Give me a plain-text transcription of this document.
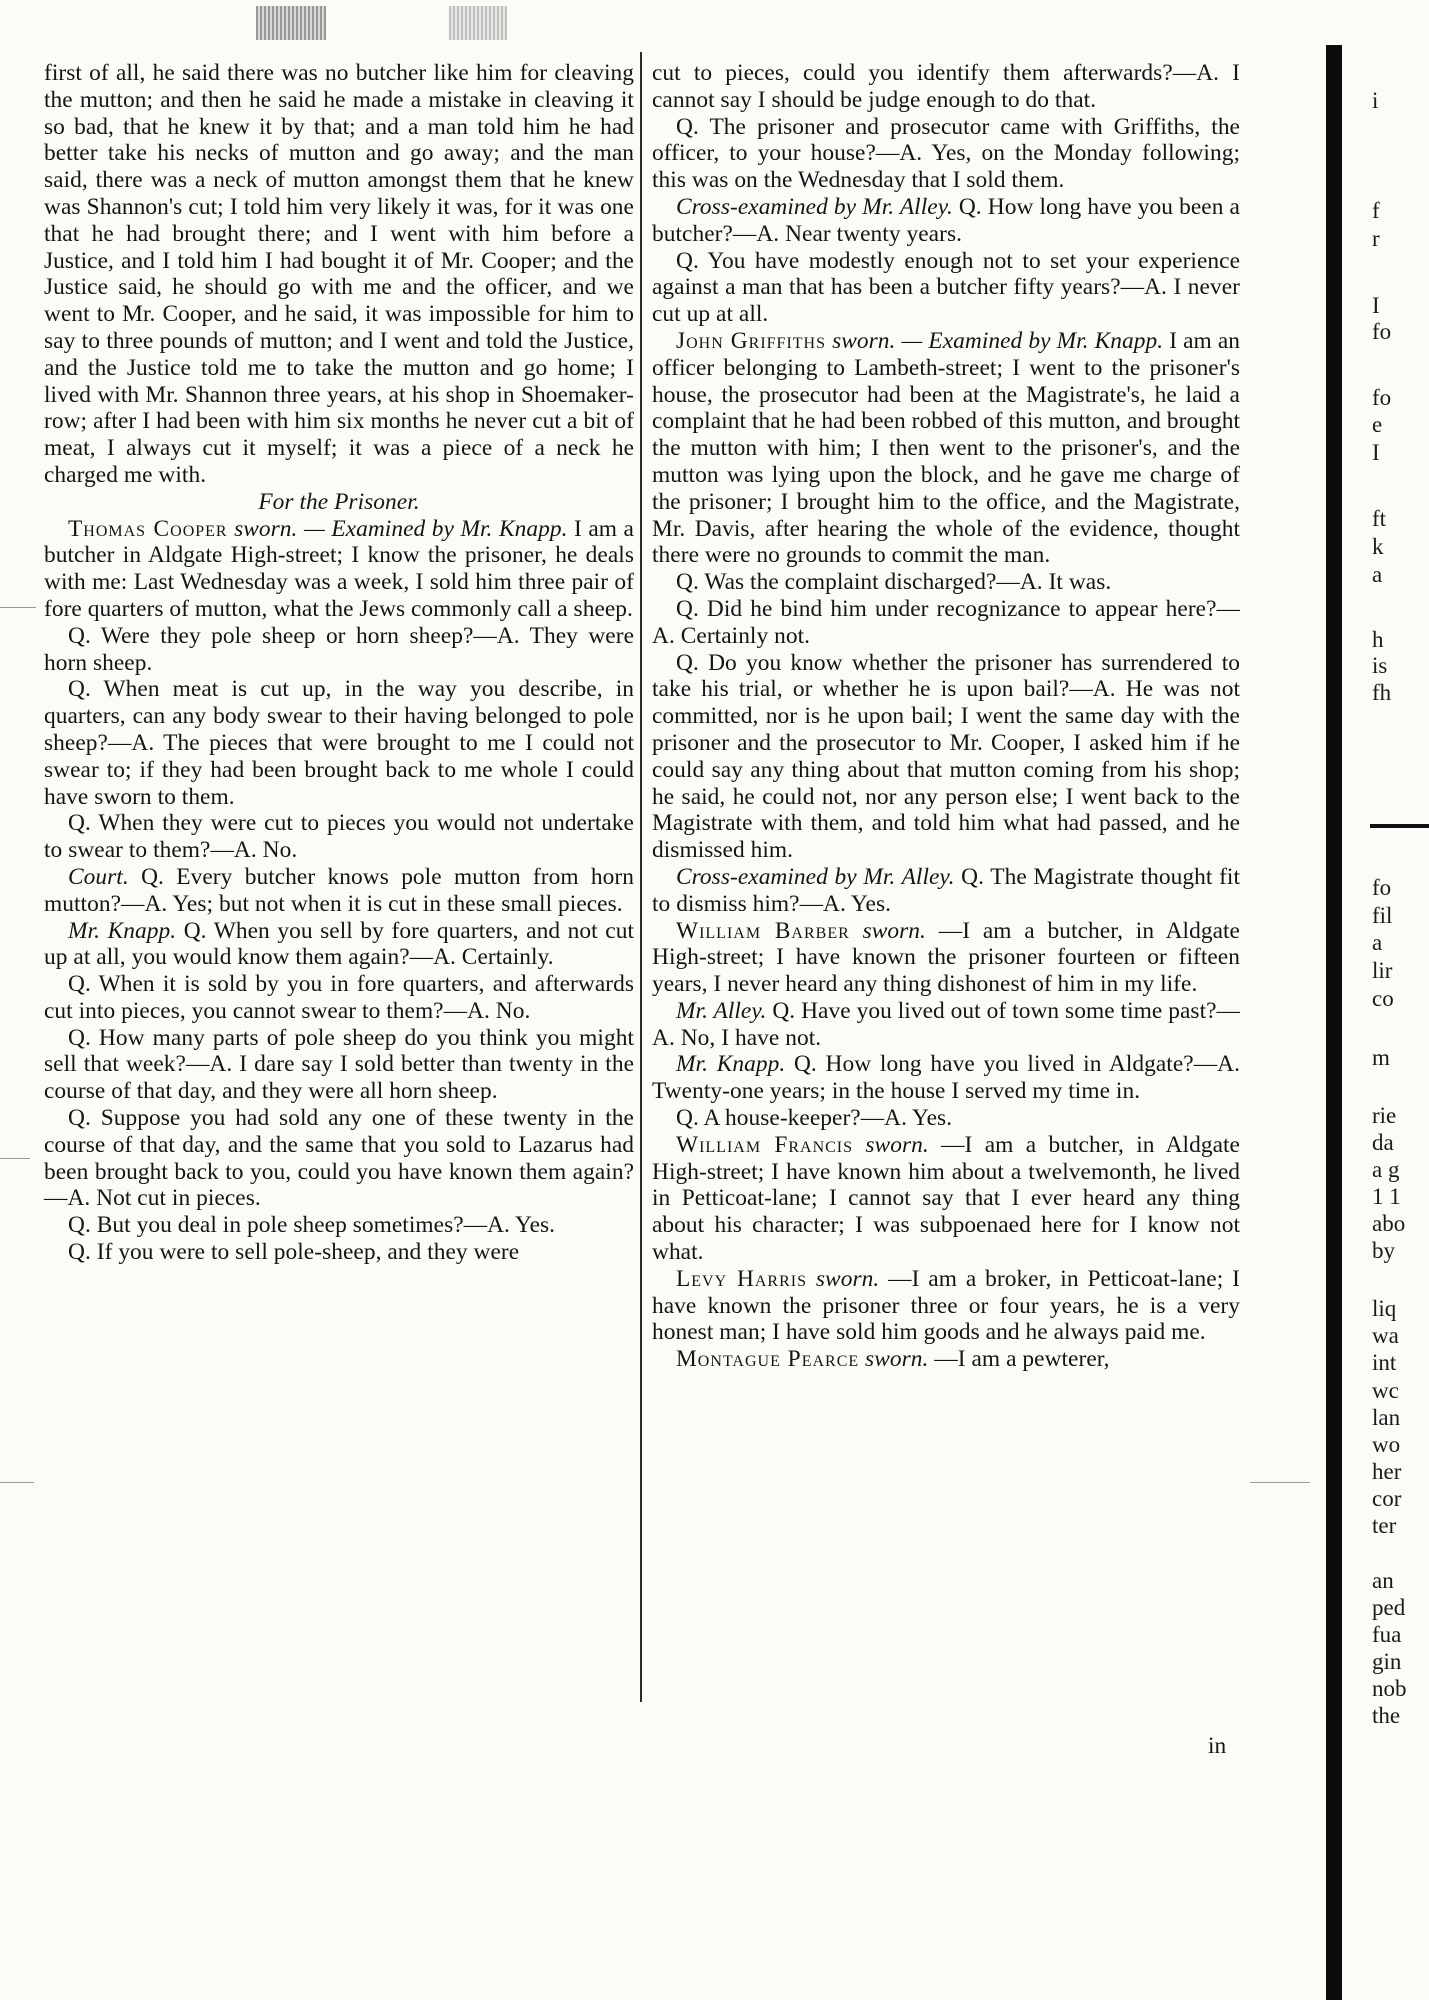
first of all, he said there was no butcher like him for cleaving the mutton; and then he said he made a mistake in cleaving it so bad, that he knew it by that; and a man told him he had better take his necks of mutton and go away; and the man said, there was a neck of mutton amongst them that he knew was Shannon's cut; I told him very likely it was, for it was one that he had brought there; and I went with him before a Justice, and I told him I had bought it of Mr. Cooper; and the Justice said, he should go with me and the officer, and we went to Mr. Cooper, and he said, it was impossible for him to say to three pounds of mutton; and I went and told the Justice, and the Justice told me to take the mutton and go home; I lived with Mr. Shannon three years, at his shop in Shoemaker-row; after I had been with him six months he never cut a bit of meat, I always cut it myself; it was a piece of a neck he charged me with.

For the Prisoner.

Thomas Cooper sworn. — Examined by Mr. Knapp. I am a butcher in Aldgate High-street; I know the prisoner, he deals with me: Last Wednesday was a week, I sold him three pair of fore quarters of mutton, what the Jews commonly call a sheep.

Q. Were they pole sheep or horn sheep?—A. They were horn sheep.

Q. When meat is cut up, in the way you describe, in quarters, can any body swear to their having belonged to pole sheep?—A. The pieces that were brought to me I could not swear to; if they had been brought back to me whole I could have sworn to them.

Q. When they were cut to pieces you would not undertake to swear to them?—A. No.

Court. Q. Every butcher knows pole mutton from horn mutton?—A. Yes; but not when it is cut in these small pieces.

Mr. Knapp. Q. When you sell by fore quarters, and not cut up at all, you would know them again?—A. Certainly.

Q. When it is sold by you in fore quarters, and afterwards cut into pieces, you cannot swear to them?—A. No.

Q. How many parts of pole sheep do you think you might sell that week?—A. I dare say I sold better than twenty in the course of that day, and they were all horn sheep.

Q. Suppose you had sold any one of these twenty in the course of that day, and the same that you sold to Lazarus had been brought back to you, could you have known them again?—A. Not cut in pieces.

Q. But you deal in pole sheep sometimes?—A. Yes.

Q. If you were to sell pole-sheep, and they were

cut to pieces, could you identify them afterwards?—A. I cannot say I should be judge enough to do that.

Q. The prisoner and prosecutor came with Griffiths, the officer, to your house?—A. Yes, on the Monday following; this was on the Wednesday that I sold them.

Cross-examined by Mr. Alley. Q. How long have you been a butcher?—A. Near twenty years.

Q. You have modestly enough not to set your experience against a man that has been a butcher fifty years?—A. I never cut up at all.

John Griffiths sworn. — Examined by Mr. Knapp. I am an officer belonging to Lambeth-street; I went to the prisoner's house, the prosecutor had been at the Magistrate's, he laid a complaint that he had been robbed of this mutton, and brought the mutton with him; I then went to the prisoner's, and the mutton was lying upon the block, and he gave me charge of the prisoner; I brought him to the office, and the Magistrate, Mr. Davis, after hearing the whole of the evidence, thought there were no grounds to commit the man.

Q. Was the complaint discharged?—A. It was.

Q. Did he bind him under recognizance to appear here?—A. Certainly not.

Q. Do you know whether the prisoner has surrendered to take his trial, or whether he is upon bail?—A. He was not committed, nor is he upon bail; I went the same day with the prisoner and the prosecutor to Mr. Cooper, I asked him if he could say any thing about that mutton coming from his shop; he said, he could not, nor any person else; I went back to the Magistrate with them, and told him what had passed, and he dismissed him.

Cross-examined by Mr. Alley. Q. The Magistrate thought fit to dismiss him?—A. Yes.

William Barber sworn. —I am a butcher, in Aldgate High-street; I have known the prisoner fourteen or fifteen years, I never heard any thing dishonest of him in my life.

Mr. Alley. Q. Have you lived out of town some time past?—A. No, I have not.

Mr. Knapp. Q. How long have you lived in Aldgate?—A. Twenty-one years; in the house I served my time in.

Q. A house-keeper?—A. Yes.

William Francis sworn. —I am a butcher, in Aldgate High-street; I have known him about a twelvemonth, he lived in Petticoat-lane; I cannot say that I ever heard any thing about his character; I was subpoenaed here for I know not what.

Levy Harris sworn. —I am a broker, in Petticoat-lane; I have known the prisoner three or four years, he is a very honest man; I have sold him goods and he always paid me.

Montague Pearce sworn. —I am a pewterer,

in
i
f
r
I
fo
fo
e
I
ft
k
a
h
is
fh
fo
fil
a
lir
co
m
rie
da
a g
1 1
abo
by
liq
wa
int
wc
lan
wo
her
cor
ter
an
ped
fua
gin
nob
the
